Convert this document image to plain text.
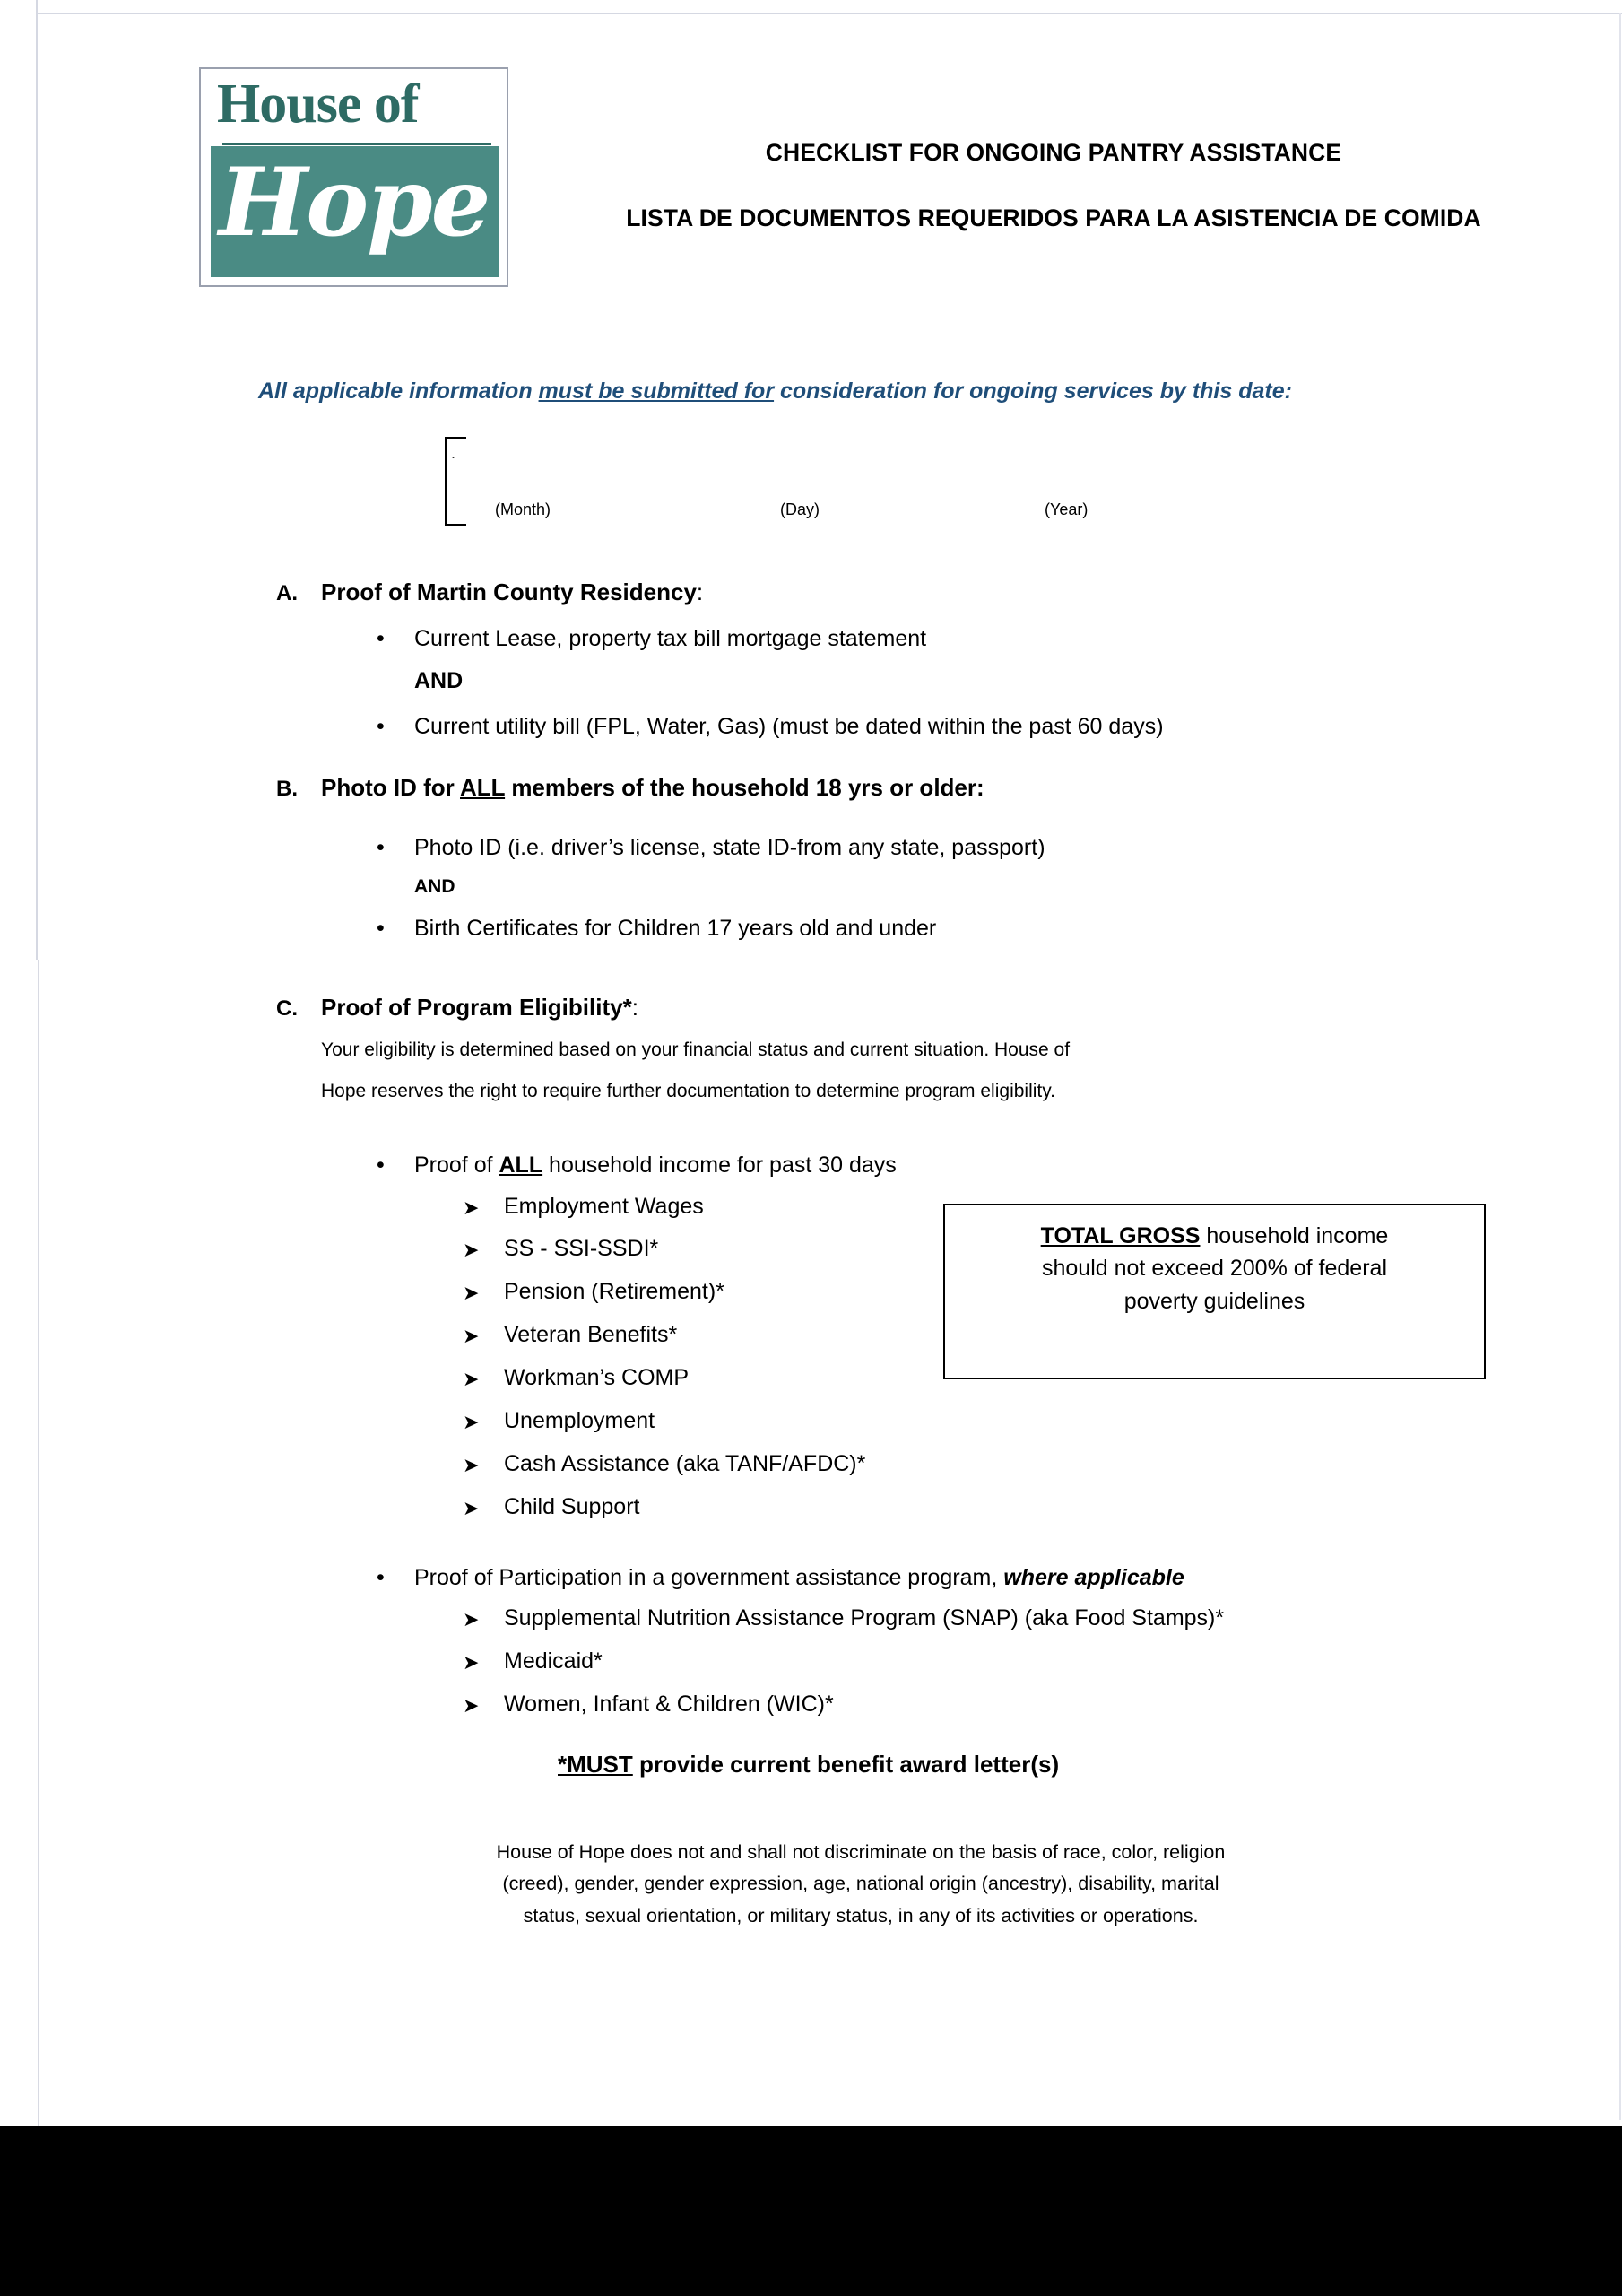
House of
Hope	CHECKLIST FOR ONGOING PANTRY ASSISTANCE
LISTA DE DOCUMENTOS REQUERIDOS PARA LA ASISTENCIA DE COMIDA
All applicable information must be submitted for consideration for ongoing services by this date:
.
(Month)	(Day)	(Year)
A. Proof of Martin County Residency:
• Current Lease, property tax bill mortgage statement
AND
• Current utility bill (FPL, Water, Gas) (must be dated within the past 60 days)
B. Photo ID for ALL members of the household 18 yrs or older:
• Photo ID (i.e. driver’s license, state ID-from any state, passport)
AND
• Birth Certificates for Children 17 years old and under
C. Proof of Program Eligibility*:
Your eligibility is determined based on your financial status and current situation. House of
Hope reserves the right to require further documentation to determine program eligibility.
• Proof of ALL household income for past 30 days
➤ Employment Wages
➤ SS - SSI-SSDI*
➤ Pension (Retirement)*
➤ Veteran Benefits*
➤ Workman’s COMP
➤ Unemployment
➤ Cash Assistance (aka TANF/AFDC)*
➤ Child Support
TOTAL GROSS household income
should not exceed 200% of federal
poverty guidelines
• Proof of Participation in a government assistance program, where applicable
➤ Supplemental Nutrition Assistance Program (SNAP) (aka Food Stamps)*
➤ Medicaid*
➤ Women, Infant & Children (WIC)*
*MUST provide current benefit award letter(s)
House of Hope does not and shall not discriminate on the basis of race, color, religion
(creed), gender, gender expression, age, national origin (ancestry), disability, marital
status, sexual orientation, or military status, in any of its activities or operations.
